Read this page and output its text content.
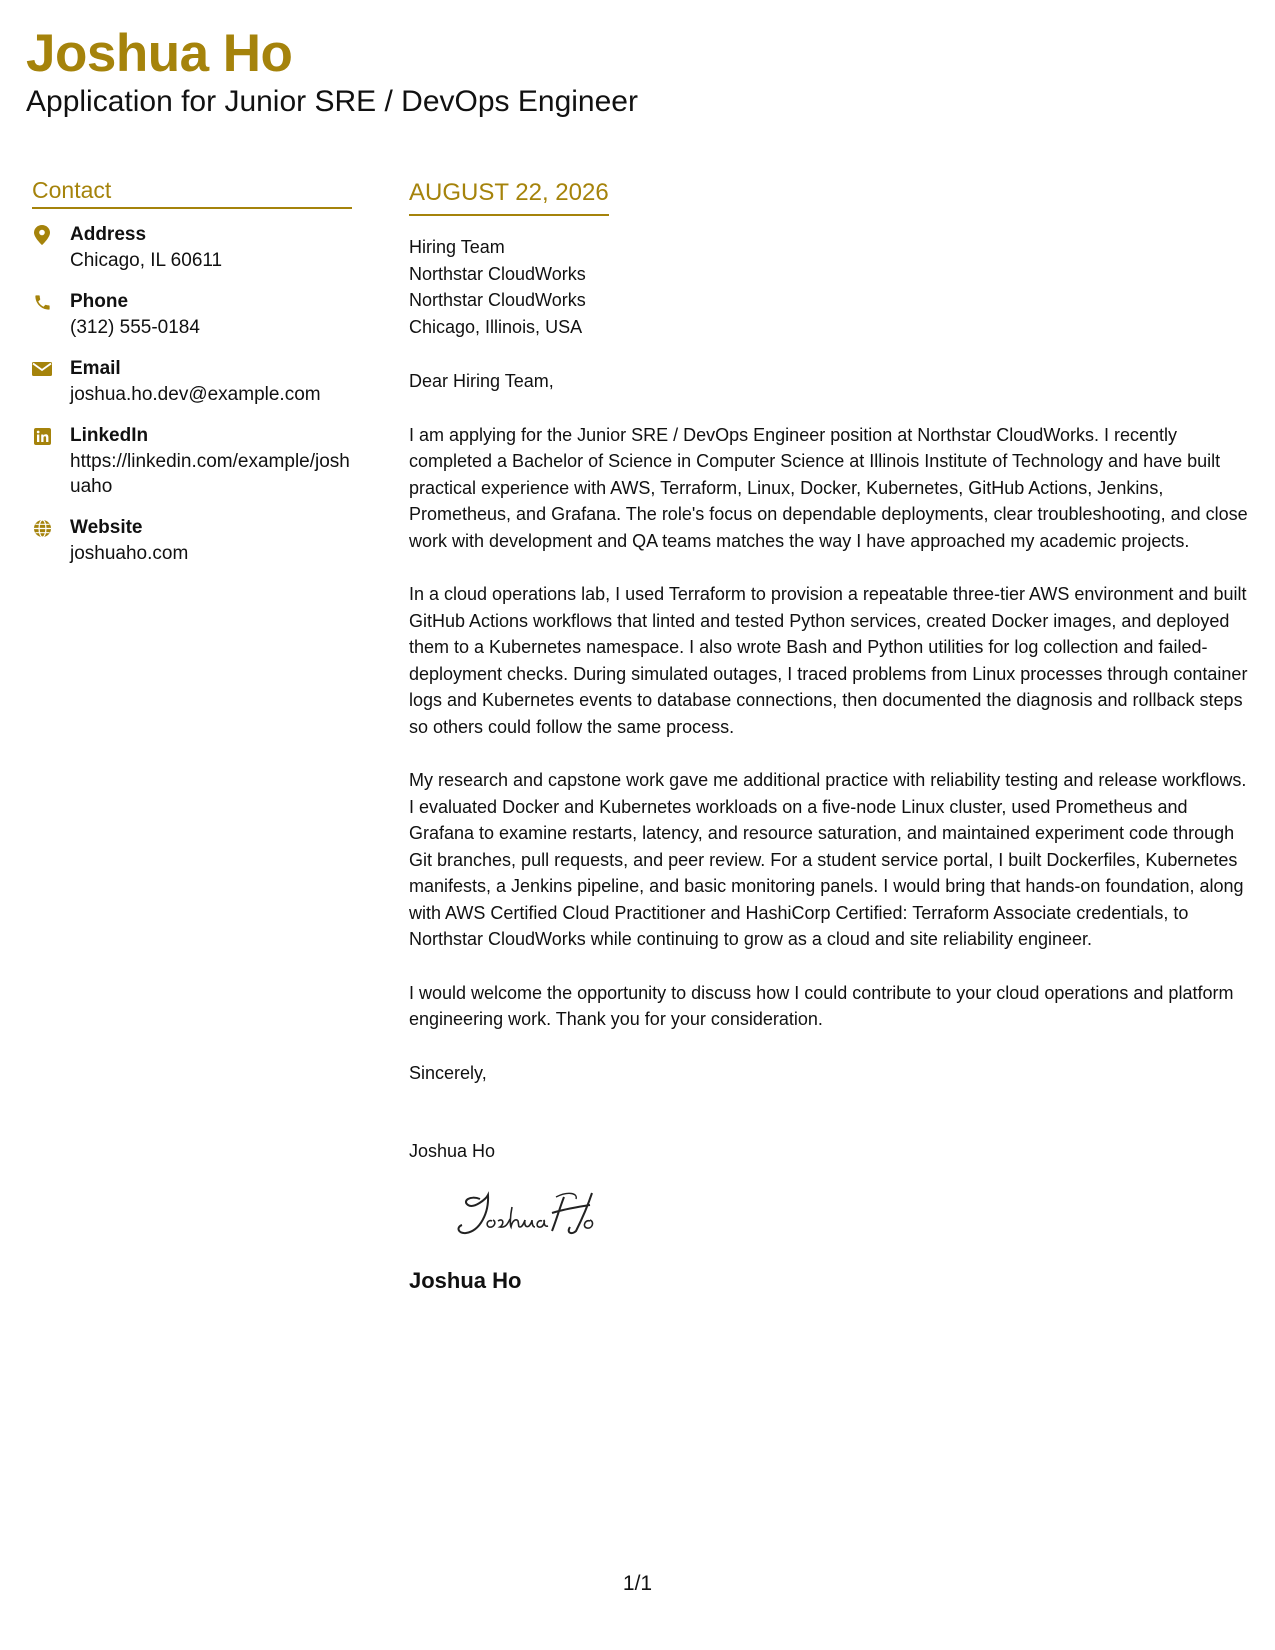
Joshua Ho
Application for Junior SRE / DevOps Engineer
Contact
Address
Chicago, IL 60611
Phone
(312) 555-0184
Email
joshua.ho.dev@example.com
LinkedIn
https://linkedin.com/example/joshuaho
Website
joshuaho.com
AUGUST 22, 2026
Hiring Team
Northstar CloudWorks
Northstar CloudWorks
Chicago, Illinois, USA
Dear Hiring Team,
I am applying for the Junior SRE / DevOps Engineer position at Northstar CloudWorks. I recently completed a Bachelor of Science in Computer Science at Illinois Institute of Technology and have built practical experience with AWS, Terraform, Linux, Docker, Kubernetes, GitHub Actions, Jenkins, Prometheus, and Grafana. The role's focus on dependable deployments, clear troubleshooting, and close work with development and QA teams matches the way I have approached my academic projects.
In a cloud operations lab, I used Terraform to provision a repeatable three-tier AWS environment and built GitHub Actions workflows that linted and tested Python services, created Docker images, and deployed them to a Kubernetes namespace. I also wrote Bash and Python utilities for log collection and failed-deployment checks. During simulated outages, I traced problems from Linux processes through container logs and Kubernetes events to database connections, then documented the diagnosis and rollback steps so others could follow the same process.
My research and capstone work gave me additional practice with reliability testing and release workflows. I evaluated Docker and Kubernetes workloads on a five-node Linux cluster, used Prometheus and Grafana to examine restarts, latency, and resource saturation, and maintained experiment code through Git branches, pull requests, and peer review. For a student service portal, I built Dockerfiles, Kubernetes manifests, a Jenkins pipeline, and basic monitoring panels. I would bring that hands-on foundation, along with AWS Certified Cloud Practitioner and HashiCorp Certified: Terraform Associate credentials, to Northstar CloudWorks while continuing to grow as a cloud and site reliability engineer.
I would welcome the opportunity to discuss how I could contribute to your cloud operations and platform engineering work. Thank you for your consideration.
Sincerely,
Joshua Ho
Joshua Ho
1/1
